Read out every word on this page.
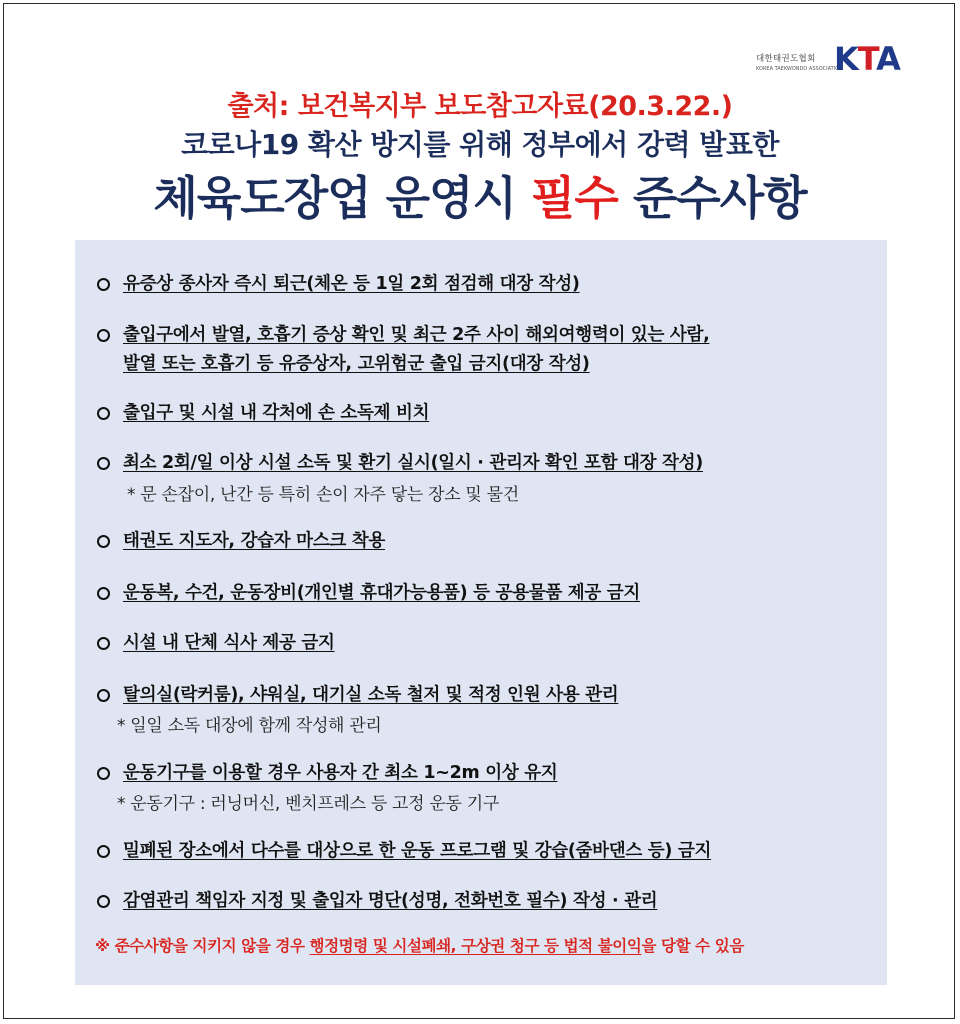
대한태권도협회
KOREA TAEKWONDO ASSOCIATION
KTA
출처: 보건복지부 보도참고자료(20.3.22.)
코로나19 확산 방지를 위해 정부에서 강력 발표한
체육도장업 운영시 필수 준수사항
유증상 종사자 즉시 퇴근(체온 등 1일 2회 점검해 대장 작성)
출입구에서 발열, 호흡기 증상 확인 및 최근 2주 사이 해외여행력이 있는 사람,
발열 또는 호흡기 등 유증상자, 고위험군 출입 금지(대장 작성)
출입구 및 시설 내 각처에 손 소독제 비치
최소 2회/일 이상 시설 소독 및 환기 실시(일시 · 관리자 확인 포함 대장 작성)
* 문 손잡이, 난간 등 특히 손이 자주 닿는 장소 및 물건
태권도 지도자, 강습자 마스크 착용
운동복, 수건, 운동장비(개인별 휴대가능용품) 등 공용물품 제공 금지
시설 내 단체 식사 제공 금지
탈의실(락커룸), 샤워실, 대기실 소독 철저 및 적정 인원 사용 관리
* 일일 소독 대장에 함께 작성해 관리
운동기구를 이용할 경우 사용자 간 최소 1~2m 이상 유지
* 운동기구 : 러닝머신, 벤치프레스 등 고정 운동 기구
밀폐된 장소에서 다수를 대상으로 한 운동 프로그램 및 강습(줌바댄스 등) 금지
감염관리 책임자 지정 및 출입자 명단(성명, 전화번호 필수) 작성 · 관리
※ 준수사항을 지키지 않을 경우 행정명령 및 시설폐쇄, 구상권 청구 등 법적 불이익을 당할 수 있음
